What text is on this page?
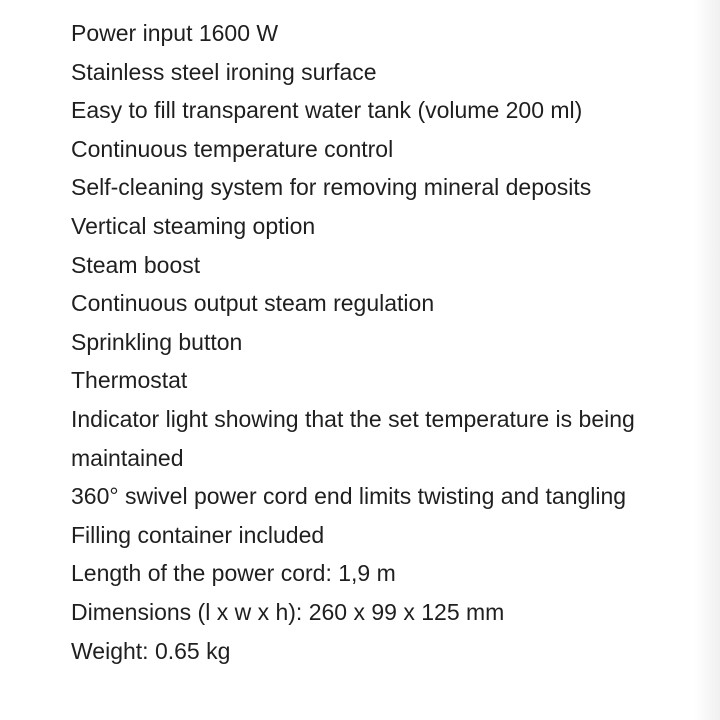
Power input 1600 W
Stainless steel ironing surface
Easy to fill transparent water tank (volume 200 ml)
Continuous temperature control
Self-cleaning system for removing mineral deposits
Vertical steaming option
Steam boost
Continuous output steam regulation
Sprinkling button
Thermostat
Indicator light showing that the set temperature is being maintained
360° swivel power cord end limits twisting and tangling
Filling container included
Length of the power cord: 1,9 m
Dimensions (l x w x h): 260 x 99 x 125 mm
Weight: 0.65 kg
